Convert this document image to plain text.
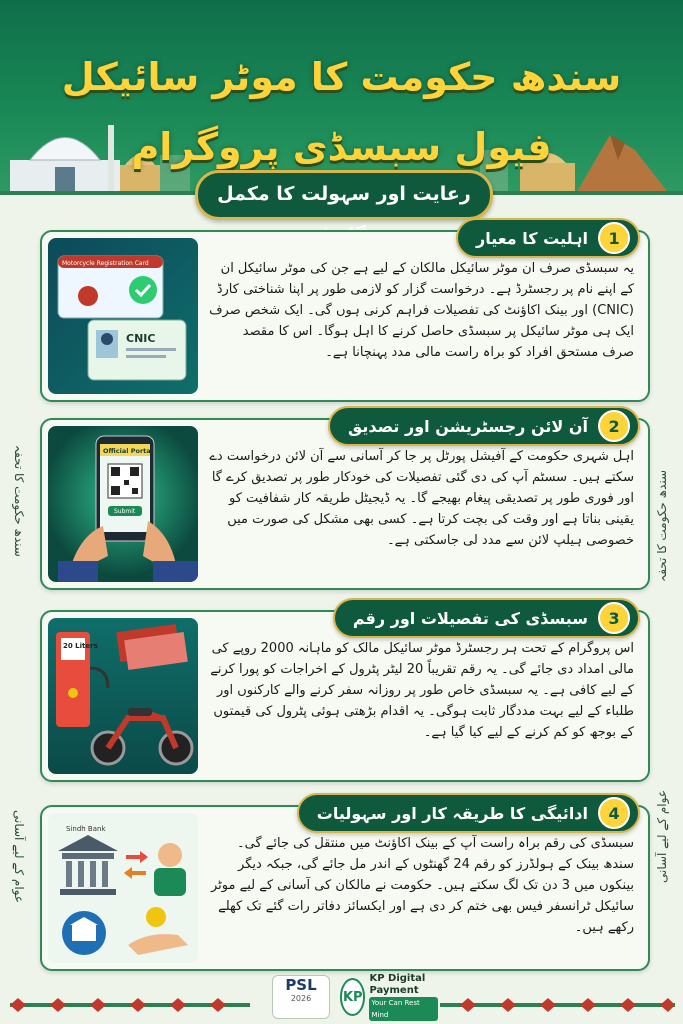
سندھ حکومت کا موٹر سائیکل فیول سبسڈی پروگرام
رعایت اور سہولت کا مکمل
سندھ حکومت کا تحفہ
عوام کے لیے آسانی
سندھ حکومت کا تحفہ
عوام کے لیے آسانی
Motorcycle Registration Card
CNIC
1
اہلیت کا معیار
یہ سبسڈی صرف ان موٹر سائیکل مالکان کے لیے ہے جن کی موٹر سائیکل ان کے اپنے نام پر رجسٹرڈ ہے۔ درخواست گزار کو لازمی طور پر اپنا شناختی کارڈ (CNIC) اور بینک اکاؤنٹ کی تفصیلات فراہم کرنی ہوں گی۔ ایک شخص صرف ایک ہی موٹر سائیکل پر سبسڈی حاصل کرنے کا اہل ہوگا۔ اس کا مقصد صرف مستحق افراد کو براہ راست مالی مدد پہنچانا ہے۔
Official Portal
Submit
2
آن لائن رجسٹریشن اور تصدیق
اہل شہری حکومت کے آفیشل پورٹل پر جا کر آسانی سے آن لائن درخواست دے سکتے ہیں۔ سسٹم آپ کی دی گئی تفصیلات کی خودکار طور پر تصدیق کرے گا اور فوری طور پر تصدیقی پیغام بھیجے گا۔ یہ ڈیجیٹل طریقہ کار شفافیت کو یقینی بناتا ہے اور وقت کی بچت کرتا ہے۔ کسی بھی مشکل کی صورت میں خصوصی ہیلپ لائن سے مدد لی جاسکتی ہے۔
20 Liters
3
سبسڈی کی تفصیلات اور رقم
اس پروگرام کے تحت ہر رجسٹرڈ موٹر سائیکل مالک کو ماہانہ 2000 روپے کی مالی امداد دی جائے گی۔ یہ رقم تقریباً 20 لیٹر پٹرول کے اخراجات کو پورا کرنے کے لیے کافی ہے۔ یہ سبسڈی خاص طور پر روزانہ سفر کرنے والے کارکنوں اور طلباء کے لیے بہت مددگار ثابت ہوگی۔ یہ اقدام بڑھتی ہوئی پٹرول کی قیمتوں کے بوجھ کو کم کرنے کے لیے کیا گیا ہے۔
Sindh Bank
4
ادائیگی کا طریقہ کار اور سہولیات
سبسڈی کی رقم براہ راست آپ کے بینک اکاؤنٹ میں منتقل کی جائے گی۔ سندھ بینک کے ہولڈرز کو رقم 24 گھنٹوں کے اندر مل جائے گی، جبکہ دیگر بینکوں میں 3 دن تک لگ سکتے ہیں۔ حکومت نے مالکان کی آسانی کے لیے موٹر سائیکل ٹرانسفر فیس بھی ختم کر دی ہے اور ایکسائز دفاتر رات گئے تک کھلے رکھے ہیں۔
PSL
2026	KP
KP Digital Payment
Your Can Rest Mind
